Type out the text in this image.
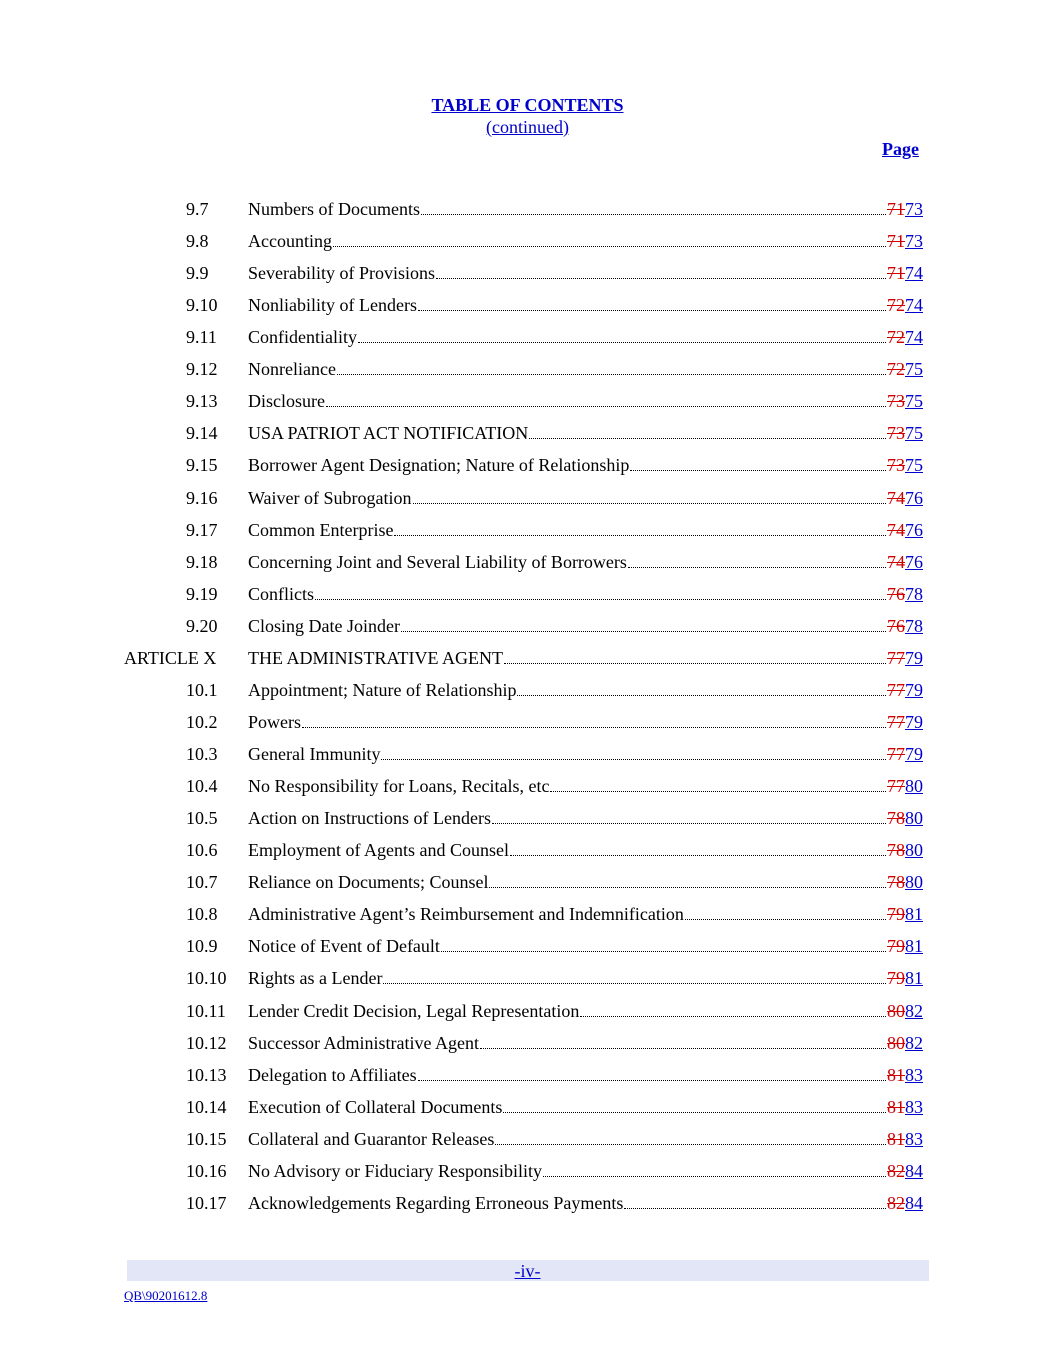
TABLE OF CONTENTS
(continued)
Page
9.7 Numbers of Documents	7173
9.8 Accounting	7173
9.9 Severability of Provisions	7174
9.10 Nonliability of Lenders	7274
9.11 Confidentiality	7274
9.12 Nonreliance	7275
9.13 Disclosure	7375
9.14 USA PATRIOT ACT NOTIFICATION	7375
9.15 Borrower Agent Designation; Nature of Relationship	7375
9.16 Waiver of Subrogation	7476
9.17 Common Enterprise	7476
9.18 Concerning Joint and Several Liability of Borrowers	7476
9.19 Conflicts	7678
9.20 Closing Date Joinder	7678
ARTICLE X THE ADMINISTRATIVE AGENT	7779
10.1 Appointment; Nature of Relationship	7779
10.2 Powers	7779
10.3 General Immunity	7779
10.4 No Responsibility for Loans, Recitals, etc	7780
10.5 Action on Instructions of Lenders	7880
10.6 Employment of Agents and Counsel	7880
10.7 Reliance on Documents; Counsel	7880
10.8 Administrative Agent’s Reimbursement and Indemnification	7981
10.9 Notice of Event of Default	7981
10.10 Rights as a Lender	7981
10.11 Lender Credit Decision, Legal Representation	8082
10.12 Successor Administrative Agent	8082
10.13 Delegation to Affiliates	8183
10.14 Execution of Collateral Documents	8183
10.15 Collateral and Guarantor Releases	8183
10.16 No Advisory or Fiduciary Responsibility	8284
10.17 Acknowledgements Regarding Erroneous Payments	8284
-iv-
QB\90201612.8
